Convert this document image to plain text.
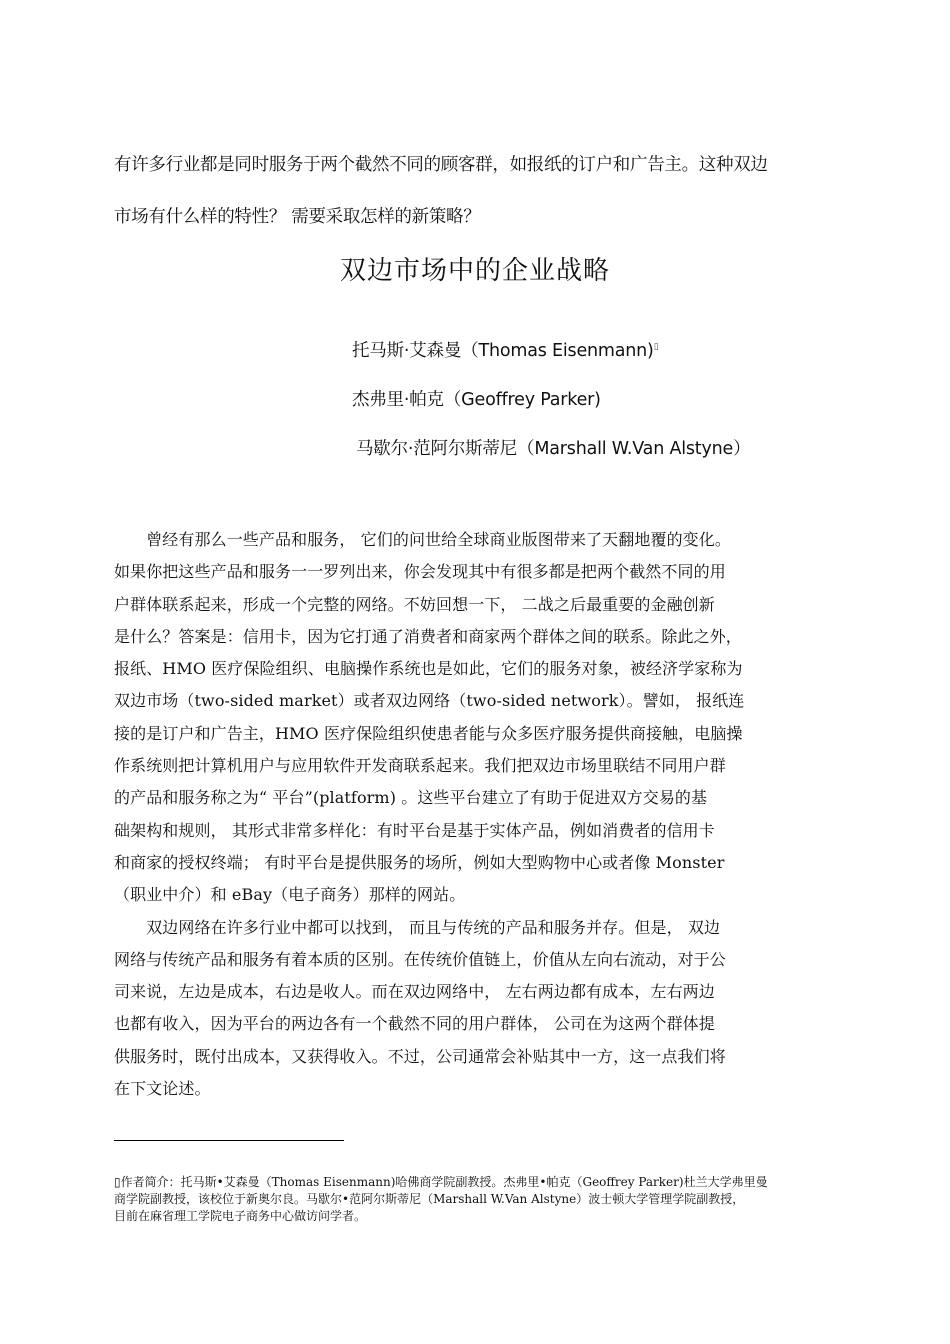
有许多行业都是同时服务于两个截然不同的顾客群，如报纸的订户和广告主。这种双边
市场有什么样的特性？ 需要采取怎样的新策略？
双边市场中的企业战略
托马斯·艾森曼（Thomas Eisenmann)▯
杰弗里·帕克（Geoffrey Parker)
马歇尔·范阿尔斯蒂尼（Marshall W.Van Alstyne）
　　曾经有那么一些产品和服务， 它们的问世给全球商业版图带来了天翻地覆的变化。
如果你把这些产品和服务一一罗列出来，你会发现其中有很多都是把两个截然不同的用
户群体联系起来，形成一个完整的网络。不妨回想一下， 二战之后最重要的金融创新
是什么？答案是：信用卡，因为它打通了消费者和商家两个群体之间的联系。除此之外，
报纸、HMO 医疗保险组织、电脑操作系统也是如此，它们的服务对象，被经济学家称为
双边市场（two-sided market）或者双边网络（two-sided network）。譬如， 报纸连
接的是订户和广告主，HMO 医疗保险组织使患者能与众多医疗服务提供商接触，电脑操
作系统则把计算机用户与应用软件开发商联系起来。我们把双边市场里联结不同用户群
的产品和服务称之为“ 平台”(platform) 。这些平台建立了有助于促进双方交易的基
础架构和规则， 其形式非常多样化：有时平台是基于实体产品，例如消费者的信用卡
和商家的授权终端； 有时平台是提供服务的场所，例如大型购物中心或者像 Monster
（职业中介）和 eBay（电子商务）那样的网站。
　　双边网络在许多行业中都可以找到， 而且与传统的产品和服务并存。但是， 双边
网络与传统产品和服务有着本质的区别。在传统价值链上，价值从左向右流动，对于公
司来说，左边是成本，右边是收人。而在双边网络中， 左右两边都有成本，左右两边
也都有收入，因为平台的两边各有一个截然不同的用户群体， 公司在为这两个群体提
供服务时，既付出成本，又获得收入。不过，公司通常会补贴其中一方，这一点我们将
在下文论述。
▯作者简介：托马斯•艾森曼（Thomas Eisenmann)哈佛商学院副教授。杰弗里•帕克（Geoffrey Parker)杜兰大学弗里曼
商学院副教授，该校位于新奥尔良。马歇尔•范阿尔斯蒂尼（Marshall W.Van Alstyne）波士顿大学管理学院副教授，
目前在麻省理工学院电子商务中心做访问学者。
